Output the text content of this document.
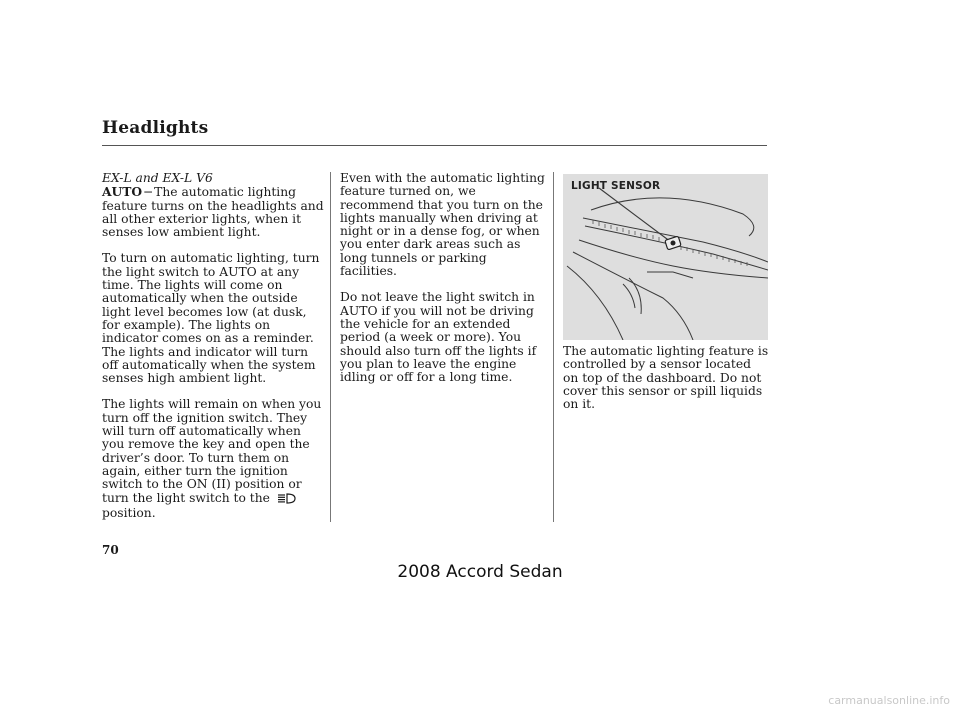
Headlights
EX-L and EX-L V6

AUTO−The automatic lighting feature turns on the headlights and all other exterior lights, when it senses low ambient light.

To turn on automatic lighting, turn the light switch to AUTO at any time. The lights will come on automatically when the outside light level becomes low (at dusk, for example). The lights on indicator comes on as a reminder. The lights and indicator will turn off automatically when the system senses high ambient light.

The lights will remain on when you turn off the ignition switch. They will turn off automatically when you remove the key and open the driver’s door. To turn them on again, either turn the ignition switch to the ON (II) position or turn the light switch to the  position.

Even with the automatic lighting feature turned on, we recommend that you turn on the lights manually when driving at night or in a dense fog, or when you enter dark areas such as long tunnels or parking facilities.

Do not leave the light switch in AUTO if you will not be driving the vehicle for an extended period (a week or more). You should also turn off the lights if you plan to leave the engine idling or off for a long time.

LIGHT SENSOR

The automatic lighting feature is controlled by a sensor located on top of the dashboard. Do not cover this sensor or spill liquids on it.

70
2008 Accord Sedan
carmanualsonline.info
